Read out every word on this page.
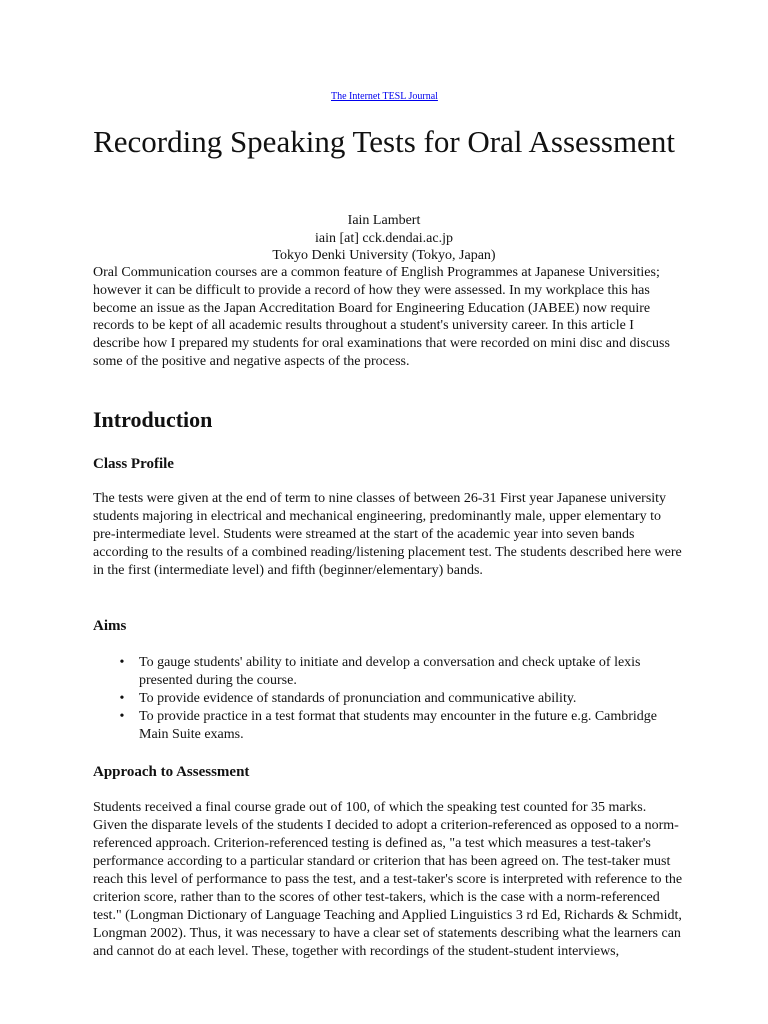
The Internet TESL Journal
Recording Speaking Tests for Oral Assessment
Iain Lambert
iain [at] cck.dendai.ac.jp
Tokyo Denki University (Tokyo, Japan)

Oral Communication courses are a common feature of English Programmes at Japanese Universities; however it can be difficult to provide a record of how they were assessed. In my workplace this has become an issue as the Japan Accreditation Board for Engineering Education (JABEE) now require records to be kept of all academic results throughout a student's university career. In this article I describe how I prepared my students for oral examinations that were recorded on mini disc and discuss some of the positive and negative aspects of the process.

Introduction
Class Profile

The tests were given at the end of term to nine classes of between 26-31 First year Japanese university students majoring in electrical and mechanical engineering, predominantly male, upper elementary to pre-intermediate level. Students were streamed at the start of the academic year into seven bands according to the results of a combined reading/listening placement test. The students described here were in the first (intermediate level) and fifth (beginner/elementary) bands.

Aims
• To gauge students' ability to initiate and develop a conversation and check uptake of lexis presented during the course.
• To provide evidence of standards of pronunciation and communicative ability.
• To provide practice in a test format that students may encounter in the future e.g. Cambridge Main Suite exams.
Approach to Assessment

Students received a final course grade out of 100, of which the speaking test counted for 35 marks. Given the disparate levels of the students I decided to adopt a criterion-referenced as opposed to a norm-referenced approach. Criterion-referenced testing is defined as, "a test which measures a test-taker's performance according to a particular standard or criterion that has been agreed on. The test-taker must reach this level of performance to pass the test, and a test-taker's score is interpreted with reference to the criterion score, rather than to the scores of other test-takers, which is the case with a norm-referenced test." (Longman Dictionary of Language Teaching and Applied Linguistics 3 rd Ed, Richards & Schmidt, Longman 2002). Thus, it was necessary to have a clear set of statements describing what the learners can and cannot do at each level. These, together with recordings of the student-student interviews,
